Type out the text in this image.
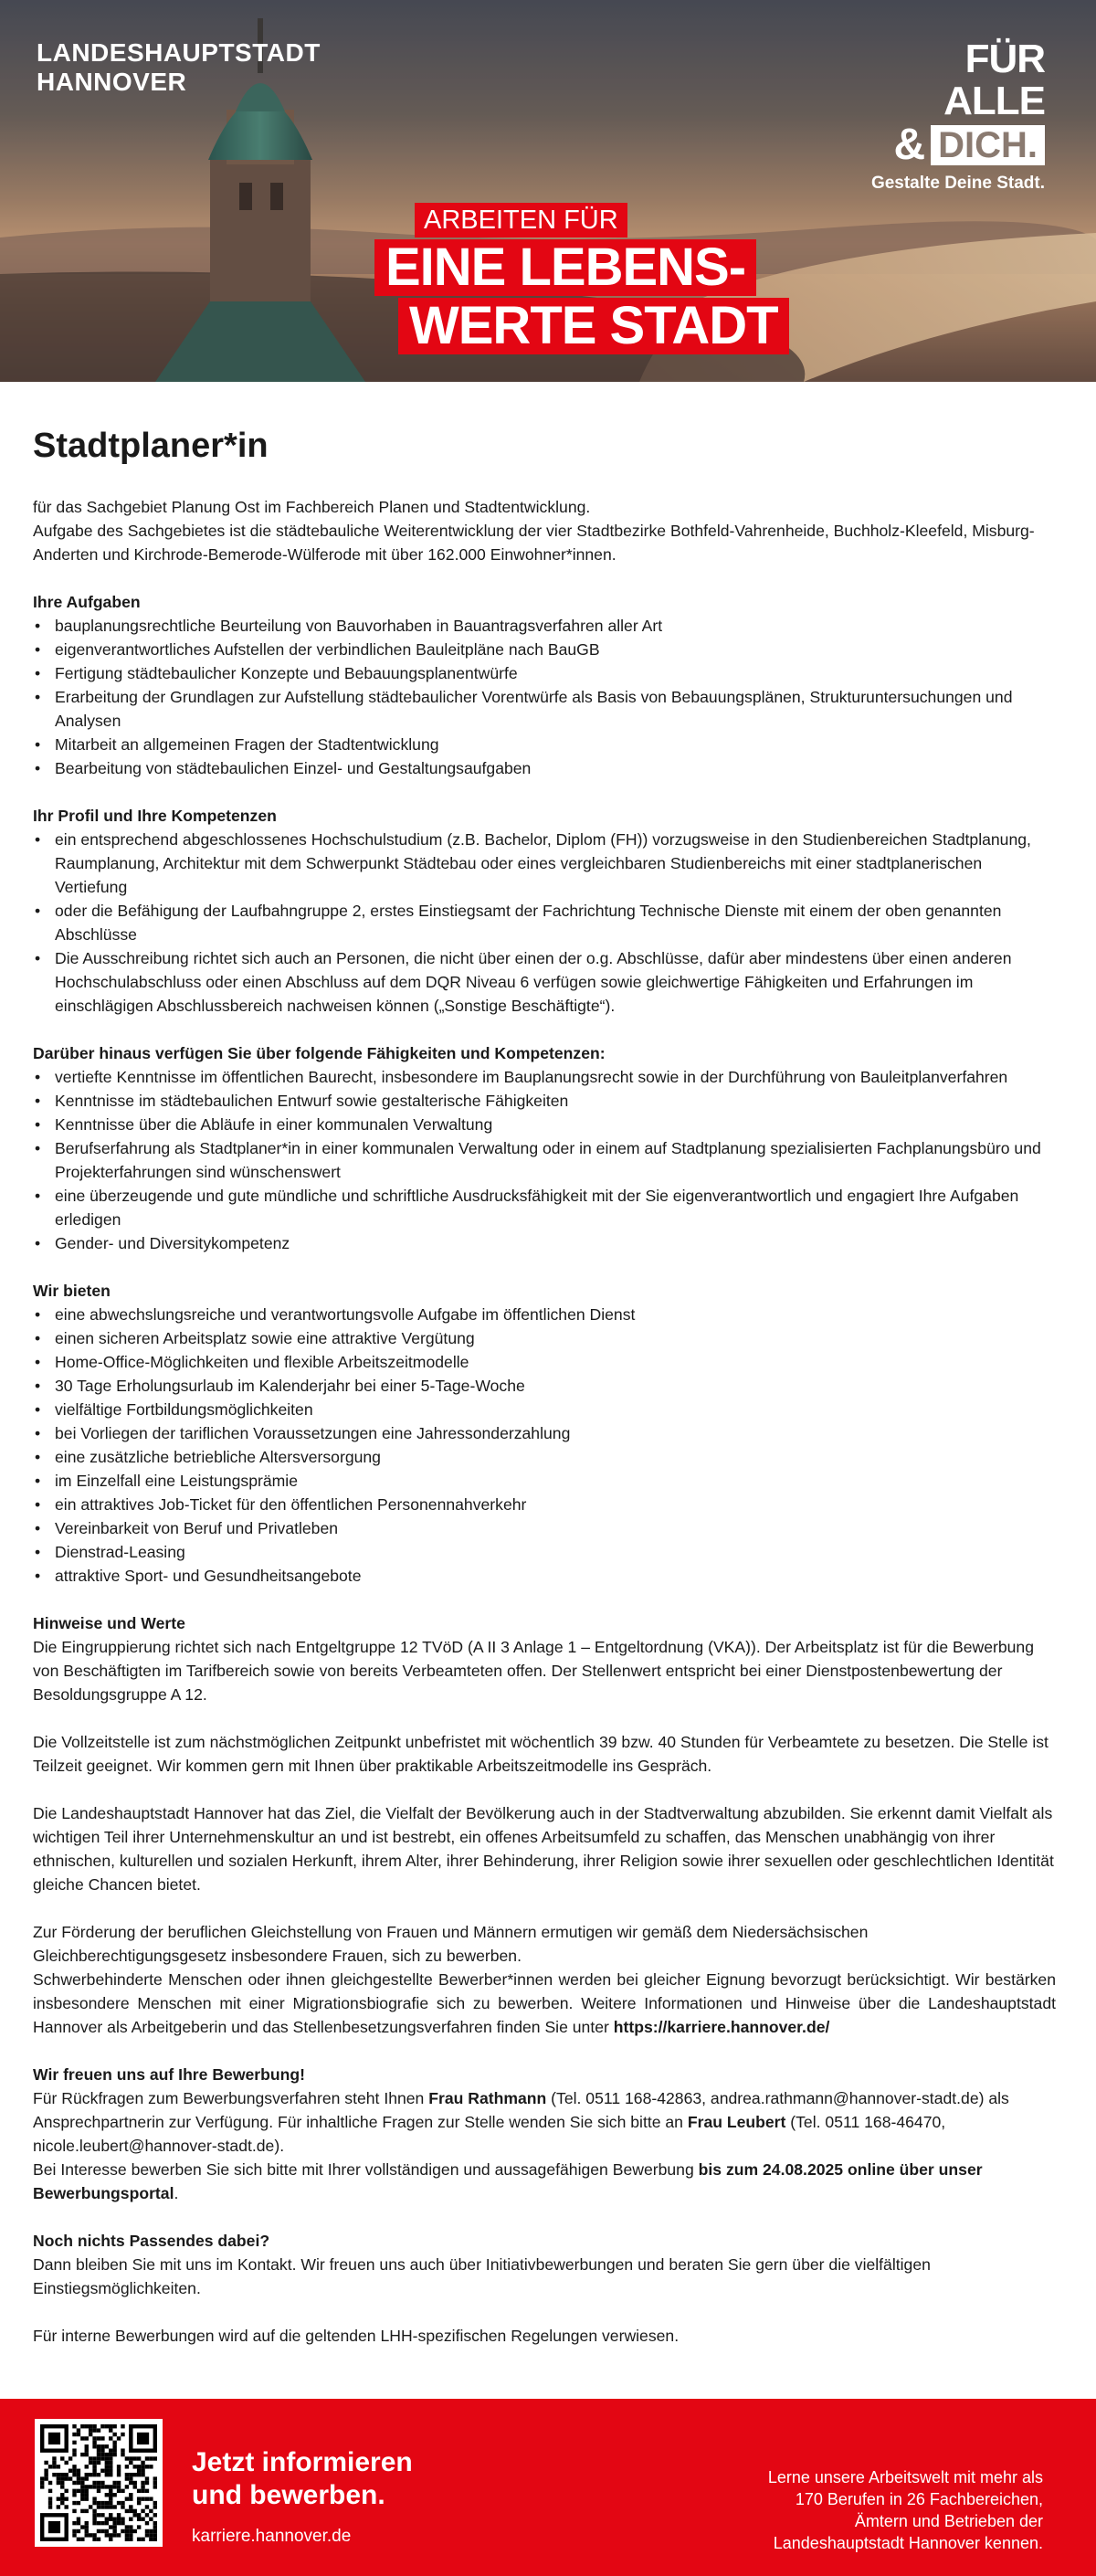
LANDESHAUPTSTADT
HANNOVER
FÜR ALLE
& DICH.
Gestalte Deine Stadt.
ARBEITEN FÜR
EINE LEBENS-
WERTE STADT
Stadtplaner*in

für das Sachgebiet Planung Ost im Fachbereich Planen und Stadtentwicklung.

Aufgabe des Sachgebietes ist die städtebauliche Weiterentwicklung der vier Stadtbezirke Bothfeld-Vahrenheide, Buchholz-Kleefeld, Misburg-Anderten und Kirchrode-Bemerode-Wülferode mit über 162.000 Einwohner*innen.

Ihre Aufgaben
• bauplanungsrechtliche Beurteilung von Bauvorhaben in Bauantragsverfahren aller Art
• eigenverantwortliches Aufstellen der verbindlichen Bauleitpläne nach BauGB
• Fertigung städtebaulicher Konzepte und Bebauungsplanentwürfe
• Erarbeitung der Grundlagen zur Aufstellung städtebaulicher Vorentwürfe als Basis von Bebauungsplänen, Strukturuntersuchungen und Analysen
• Mitarbeit an allgemeinen Fragen der Stadtentwicklung
• Bearbeitung von städtebaulichen Einzel- und Gestaltungsaufgaben
Ihr Profil und Ihre Kompetenzen
• ein entsprechend abgeschlossenes Hochschulstudium (z.B. Bachelor, Diplom (FH)) vorzugsweise in den Studienbereichen Stadtplanung, Raumplanung, Architektur mit dem Schwerpunkt Städtebau oder eines vergleichbaren Studienbereichs mit einer stadtplanerischen Vertiefung
• oder die Befähigung der Laufbahngruppe 2, erstes Einstiegsamt der Fachrichtung Technische Dienste mit einem der oben genannten Abschlüsse
• Die Ausschreibung richtet sich auch an Personen, die nicht über einen der o.g. Abschlüsse, dafür aber mindestens über einen anderen Hochschulabschluss oder einen Abschluss auf dem DQR Niveau 6 verfügen sowie gleichwertige Fähigkeiten und Erfahrungen im einschlägigen Abschlussbereich nachweisen können („Sonstige Beschäftigte“).
Darüber hinaus verfügen Sie über folgende Fähigkeiten und Kompetenzen:
• vertiefte Kenntnisse im öffentlichen Baurecht, insbesondere im Bauplanungsrecht sowie in der Durchführung von Bauleitplanverfahren
• Kenntnisse im städtebaulichen Entwurf sowie gestalterische Fähigkeiten
• Kenntnisse über die Abläufe in einer kommunalen Verwaltung
• Berufserfahrung als Stadtplaner*in in einer kommunalen Verwaltung oder in einem auf Stadtplanung spezialisierten Fachplanungsbüro und Projekterfahrungen sind wünschenswert
• eine überzeugende und gute mündliche und schriftliche Ausdrucksfähigkeit mit der Sie eigenverantwortlich und engagiert Ihre Aufgaben erledigen
• Gender- und Diversitykompetenz
Wir bieten
• eine abwechslungsreiche und verantwortungsvolle Aufgabe im öffentlichen Dienst
• einen sicheren Arbeitsplatz sowie eine attraktive Vergütung
• Home-Office-Möglichkeiten und flexible Arbeitszeitmodelle
• 30 Tage Erholungsurlaub im Kalenderjahr bei einer 5-Tage-Woche
• vielfältige Fortbildungsmöglichkeiten
• bei Vorliegen der tariflichen Voraussetzungen eine Jahressonderzahlung
• eine zusätzliche betriebliche Altersversorgung
• im Einzelfall eine Leistungsprämie
• ein attraktives Job-Ticket für den öffentlichen Personennahverkehr
• Vereinbarkeit von Beruf und Privatleben
• Dienstrad-Leasing
• attraktive Sport- und Gesundheitsangebote
Hinweise und Werte

Die Eingruppierung richtet sich nach Entgeltgruppe 12 TVöD (A II 3 Anlage 1 – Entgeltordnung (VKA)). Der Arbeitsplatz ist für die Bewerbung von Beschäftigten im Tarifbereich sowie von bereits Verbeamteten offen. Der Stellenwert entspricht bei einer Dienstpostenbewertung der Besoldungsgruppe A 12.

Die Vollzeitstelle ist zum nächstmöglichen Zeitpunkt unbefristet mit wöchentlich 39 bzw. 40 Stunden für Verbeamtete zu besetzen. Die Stelle ist Teilzeit geeignet. Wir kommen gern mit Ihnen über praktikable Arbeitszeitmodelle ins Gespräch.

Die Landeshauptstadt Hannover hat das Ziel, die Vielfalt der Bevölkerung auch in der Stadtverwaltung abzubilden. Sie erkennt damit Vielfalt als wichtigen Teil ihrer Unternehmenskultur an und ist bestrebt, ein offenes Arbeitsumfeld zu schaffen, das Menschen unabhängig von ihrer ethnischen, kulturellen und sozialen Herkunft, ihrem Alter, ihrer Behinderung, ihrer Religion sowie ihrer sexuellen oder geschlechtlichen Identität gleiche Chancen bietet.

Zur Förderung der beruflichen Gleichstellung von Frauen und Männern ermutigen wir gemäß dem Niedersächsischen Gleichberechtigungsgesetz insbesondere Frauen, sich zu bewerben.

Schwerbehinderte Menschen oder ihnen gleichgestellte Bewerber*innen werden bei gleicher Eignung bevorzugt berücksichtigt. Wir bestärken insbesondere Menschen mit einer Migrationsbiografie sich zu bewerben. Weitere Informationen und Hinweise über die Landeshauptstadt Hannover als Arbeitgeberin und das Stellenbesetzungsverfahren finden Sie unter https://karriere.hannover.de/

Wir freuen uns auf Ihre Bewerbung!

Für Rückfragen zum Bewerbungsverfahren steht Ihnen Frau Rathmann (Tel. 0511 168-42863, andrea.rathmann@hannover-stadt.de) als Ansprechpartnerin zur Verfügung. Für inhaltliche Fragen zur Stelle wenden Sie sich bitte an Frau Leubert (Tel. 0511 168-46470, nicole.leubert@hannover-stadt.de).

Bei Interesse bewerben Sie sich bitte mit Ihrer vollständigen und aussagefähigen Bewerbung bis zum 24.08.2025 online über unser Bewerbungsportal.

Noch nichts Passendes dabei?

Dann bleiben Sie mit uns im Kontakt. Wir freuen uns auch über Initiativbewerbungen und beraten Sie gern über die vielfältigen Einstiegsmöglichkeiten.

Für interne Bewerbungen wird auf die geltenden LHH-spezifischen Regelungen verwiesen.

Jetzt informieren
und bewerben.
karriere.hannover.de
Lerne unsere Arbeitswelt mit mehr als
170 Berufen in 26 Fachbereichen,
Ämtern und Betrieben der
Landeshauptstadt Hannover kennen.
